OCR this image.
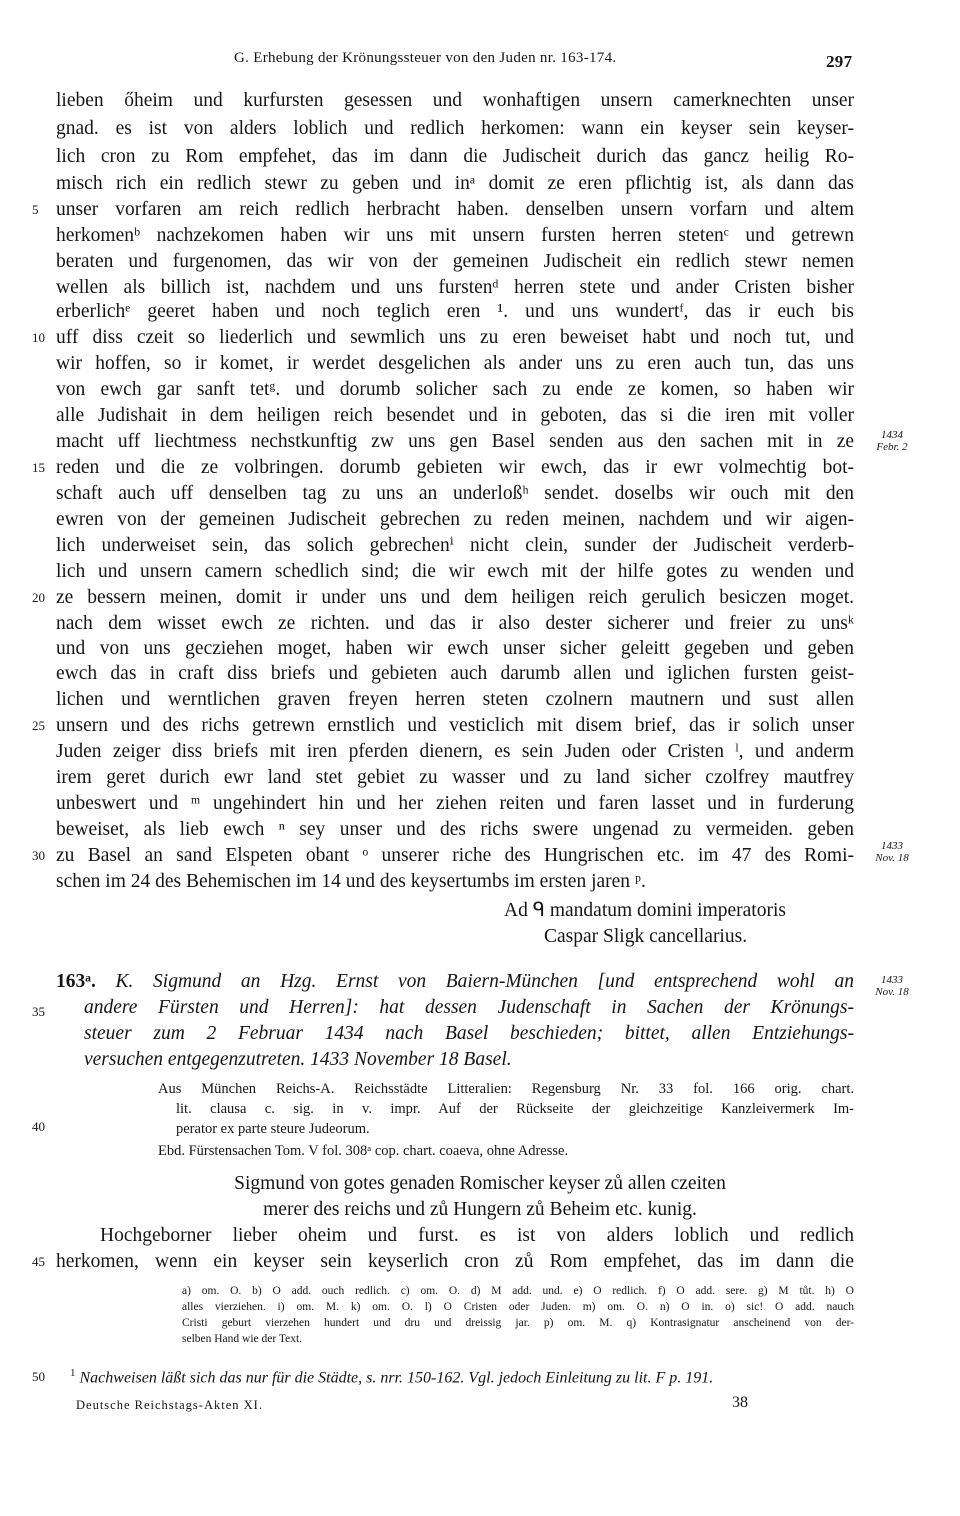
G. Erhebung der Krönungssteuer von den Juden nr. 163-174.	297
lieben őheim und kurfursten gesessen und wonhaftigen unsern camerknechten unser
gnad. es ist von alders loblich und redlich herkomen: wann ein keyser sein keyser-
lich cron zu Rom empfehet, das im dann die Judischeit durich das gancz heilig Ro-
misch rich ein redlich stewr zu geben und inᵃ domit ze eren pflichtig ist, als dann das
unser vorfaren am reich redlich herbracht haben. denselben unsern vorfarn und altem
herkomenᵇ nachzekomen haben wir uns mit unsern fursten herren stetenᶜ und getrewn
beraten und furgenomen, das wir von der gemeinen Judischeit ein redlich stewr nemen
wellen als billich ist, nachdem und uns furstenᵈ herren stete und ander Cristen bisher
erberlichᵉ geeret haben und noch teglich eren ¹. und uns wundertᶠ, das ir euch bis
uff diss czeit so liederlich und sewmlich uns zu eren beweiset habt und noch tut, und
wir hoffen, so ir komet, ir werdet desgelichen als ander uns zu eren auch tun, das uns
von ewch gar sanft tetᵍ. und dorumb solicher sach zu ende ze komen, so haben wir
alle Judishait in dem heiligen reich besendet und in geboten, das si die iren mit voller
macht uff liechtmess nechstkunftig zw uns gen Basel senden aus den sachen mit in ze
reden und die ze volbringen. dorumb gebieten wir ewch, das ir ewr volmechtig bot-
schaft auch uff denselben tag zu uns an underloßʰ sendet. doselbs wir ouch mit den
ewren von der gemeinen Judischeit gebrechen zu reden meinen, nachdem und wir aigen-
lich underweiset sein, das solich gebrechenⁱ nicht clein, sunder der Judischeit verderb-
lich und unsern camern schedlich sind; die wir ewch mit der hilfe gotes zu wenden und
ze bessern meinen, domit ir under uns und dem heiligen reich gerulich besiczen moget.
nach dem wisset ewch ze richten. und das ir also dester sicherer und freier zu unsᵏ
und von uns gecziehen moget, haben wir ewch unser sicher geleitt gegeben und geben
ewch das in craft diss briefs und gebieten auch darumb allen und iglichen fursten geist-
lichen und werntlichen graven freyen herren steten czolnern mautnern und sust allen
unsern und des richs getrewn ernstlich und vesticlich mit disem brief, das ir solich unser
Juden zeiger diss briefs mit iren pferden dienern, es sein Juden oder Cristen ˡ, und anderm
irem geret durich ewr land stet gebiet zu wasser und zu land sicher czolfrey mautfrey
unbeswert und ᵐ ungehindert hin und her ziehen reiten und faren lasset und in furderung
beweiset, als lieb ewch ⁿ sey unser und des richs swere ungenad zu vermeiden. geben
zu Basel an sand Elspeten obant ᵒ unserer riche des Hungrischen etc. im 47 des Romi-
schen im 24 des Behemischen im 14 und des keysertumbs im ersten jaren ᵖ.
5
10
15
20
25
30
35
40
45
50
1434
Febr. 2
1433
Nov. 18
1433
Nov. 18
Ad ᑫ mandatum domini imperatoris
Caspar Sligk cancellarius.
163ᵃ. K. Sigmund an Hzg. Ernst von Baiern-München [und entsprechend wohl an
andere Fürsten und Herren]: hat dessen Judenschaft in Sachen der Krönungs-
steuer zum 2 Februar 1434 nach Basel beschieden; bittet, allen Entziehungs-
versuchen entgegenzutreten. 1433 November 18 Basel.
Aus München Reichs-A. Reichsstädte Litteralien: Regensburg Nr. 33 fol. 166 orig. chart.
lit. clausa c. sig. in v. impr. Auf der Rückseite der gleichzeitige Kanzleivermerk Im-
perator ex parte steure Judeorum.
Ebd. Fürstensachen Tom. V fol. 308ᵃ cop. chart. coaeva, ohne Adresse.
Sigmund von gotes genaden Romischer keyser zů allen czeiten
merer des reichs und zů Hungern zů Beheim etc. kunig.
Hochgeborner lieber oheim und furst. es ist von alders loblich und redlich
herkomen, wenn ein keyser sein keyserlich cron zů Rom empfehet, das im dann die
a) om. O. b) O add. ouch redlich. c) om. O. d) M add. und. e) O redlich. f) O add. sere. g) M tůt. h) O
alles vierziehen. i) om. M. k) om. O. l) O Cristen oder Juden. m) om. O. n) O in. o) sic! O add. nauch
Cristi geburt vierzehen hundert und dru und dreissig jar. p) om. M. q) Kontrasignatur anscheinend von der-
selben Hand wie der Text.
$^1$ Nachweisen läßt sich das nur für die Städte, s. nrr. 150-162. Vgl. jedoch Einleitung zu lit. F p. 191.
Deutsche Reichstags-Akten XI.	38
